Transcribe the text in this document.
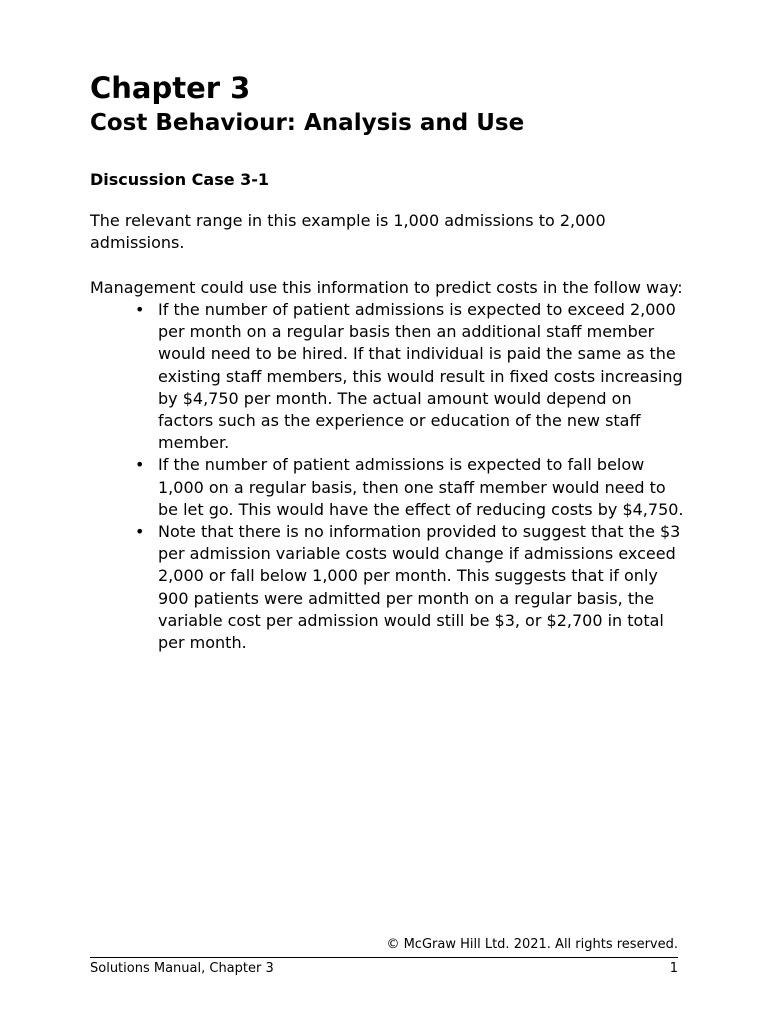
Chapter 3
Cost Behaviour: Analysis and Use
Discussion Case 3-1

The relevant range in this example is 1,000 admissions to 2,000 admissions.

Management could use this information to predict costs in the follow way:

• If the number of patient admissions is expected to exceed 2,000 per month on a regular basis then an additional staff member would need to be hired. If that individual is paid the same as the existing staff members, this would result in fixed costs increasing by $4,750 per month. The actual amount would depend on factors such as the experience or education of the new staff member.
• If the number of patient admissions is expected to fall below 1,000 on a regular basis, then one staff member would need to be let go. This would have the effect of reducing costs by $4,750.
• Note that there is no information provided to suggest that the $3 per admission variable costs would change if admissions exceed 2,000 or fall below 1,000 per month. This suggests that if only 900 patients were admitted per month on a regular basis, the variable cost per admission would still be $3, or $2,700 in total per month.
© McGraw Hill Ltd. 2021. All rights reserved.
Solutions Manual, Chapter 3	1
